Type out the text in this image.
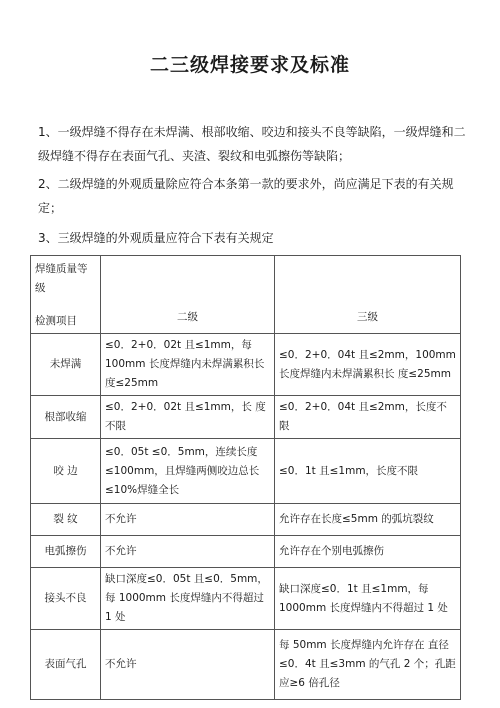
二三级焊接要求及标准
1、一级焊缝不得存在未焊满、根部收缩、咬边和接头不良等缺陷，一级焊缝和二级焊缝不得存在表面气孔、夹渣、裂纹和电弧擦伤等缺陷；
2、二级焊缝的外观质量除应符合本条第一款的要求外，尚应满足下表的有关规定；
3、三级焊缝的外观质量应符合下表有关规定
焊缝质量等级
检测项目	二级	三级
未焊满	≤0．2+0．02t 且≤1mm，每 100mm 长度焊缝内未焊满累积长度≤25mm	≤0．2+0．04t 且≤2mm，100mm 长度焊缝内未焊满累积长 度≤25mm
根部收缩	≤0．2+0．02t 且≤1mm，长 度不限	≤0．2+0．04t 且≤2mm，长度不限
咬 边	≤0．05t ≤0．5mm，连续长度≤100mm，且焊缝两侧咬边总长≤10%焊缝全长	≤0．1t 且≤1mm，长度不限
裂 纹	不允许	允许存在长度≤5mm 的弧坑裂纹
电弧擦伤	不允许	允许存在个别电弧擦伤
接头不良	缺口深度≤0．05t 且≤0．5mm，每 1000mm 长度焊缝内不得超过 1 处	缺口深度≤0．1t 且≤1mm，每 1000mm 长度焊缝内不得超过 1 处
表面气孔	不允许	每 50mm 长度焊缝内允许存在 直径≤0．4t 且≤3mm 的气孔 2 个；孔距应≥6 倍孔径
